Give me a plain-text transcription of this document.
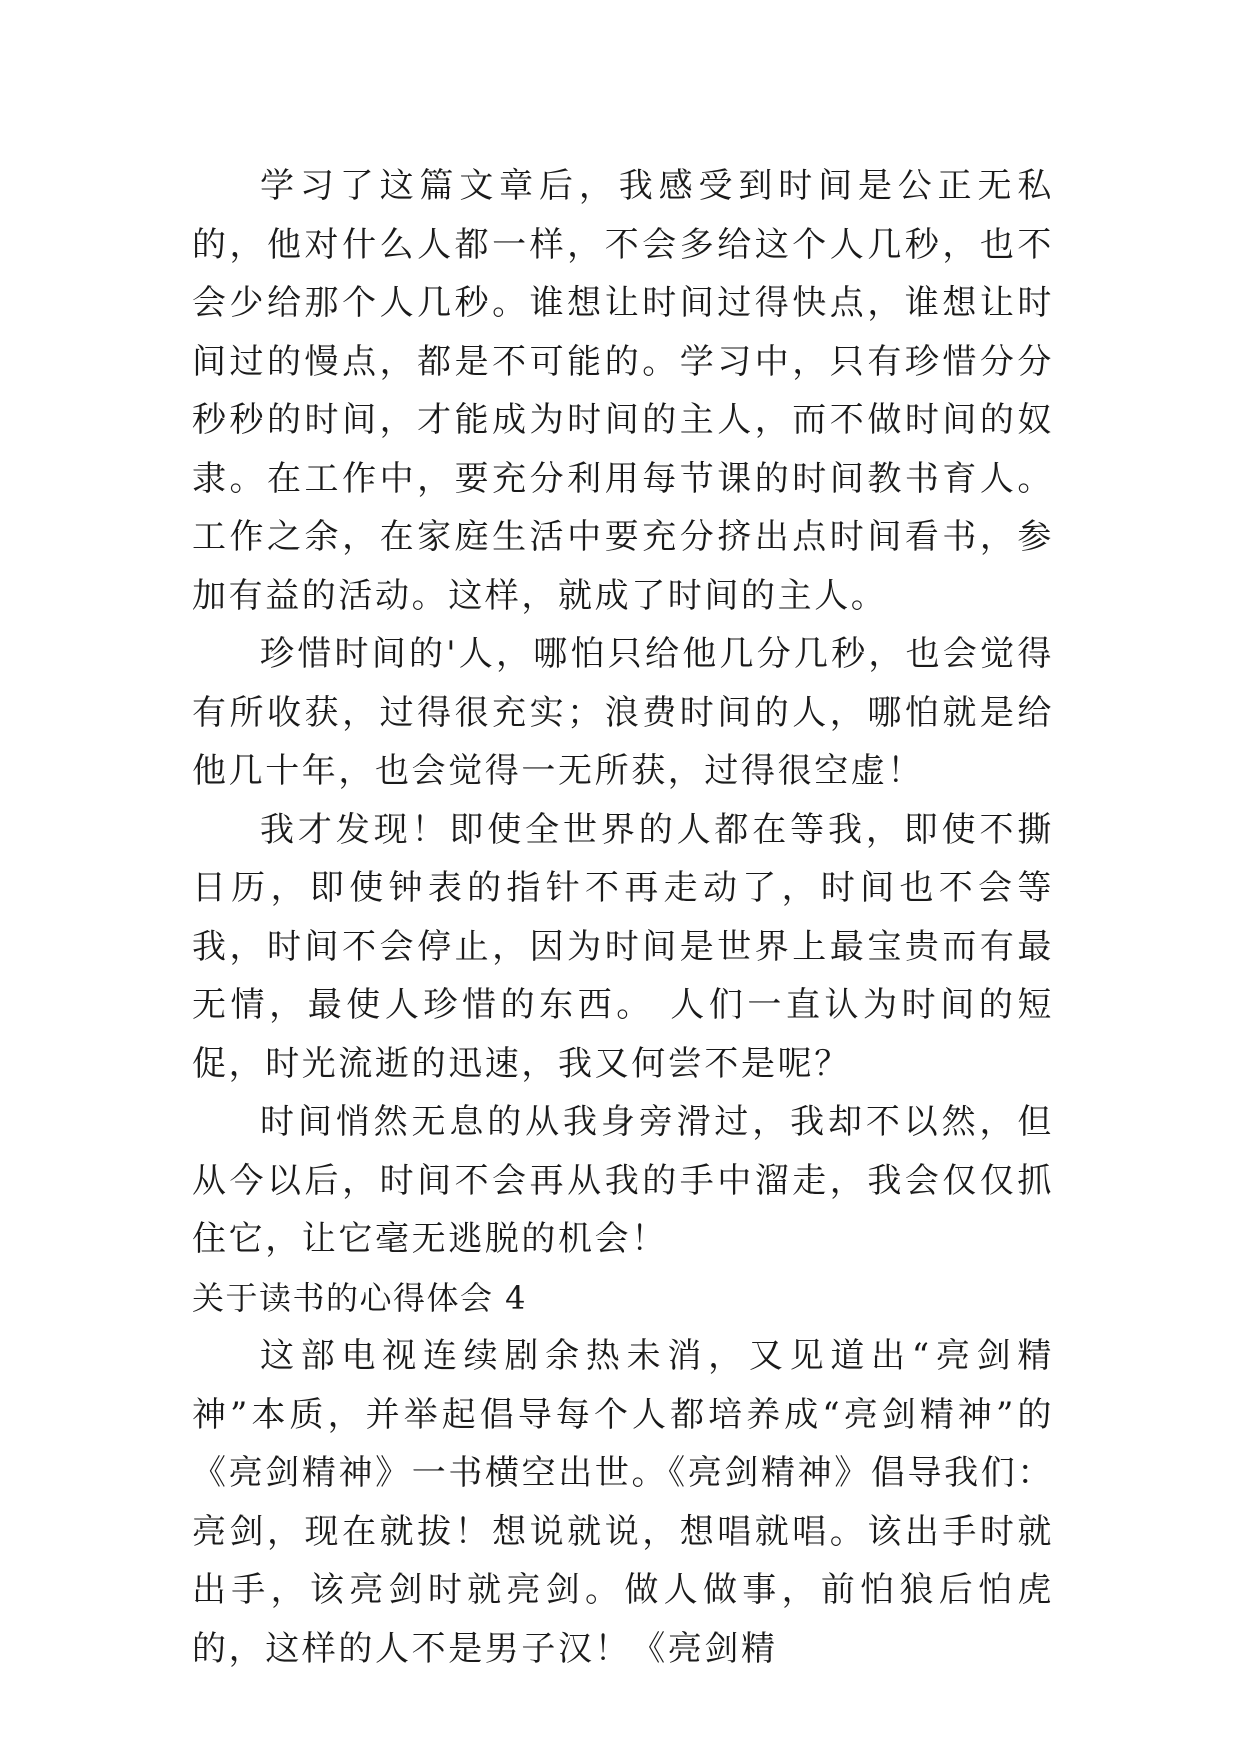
学习了这篇文章后，我感受到时间是公正无私的，他对什么人都一样，不会多给这个人几秒，也不会少给那个人几秒。谁想让时间过得快点，谁想让时间过的慢点，都是不可能的。学习中，只有珍惜分分秒秒的时间，才能成为时间的主人，而不做时间的奴隶。在工作中，要充分利用每节课的时间教书育人。工作之余，在家庭生活中要充分挤出点时间看书，参加有益的活动。这样，就成了时间的主人。

珍惜时间的'人，哪怕只给他几分几秒，也会觉得有所收获，过得很充实；浪费时间的人，哪怕就是给他几十年，也会觉得一无所获，过得很空虚！

我才发现！即使全世界的人都在等我，即使不撕日历，即使钟表的指针不再走动了，时间也不会等我，时间不会停止，因为时间是世界上最宝贵而有最无情，最使人珍惜的东西。 人们一直认为时间的短促，时光流逝的迅速，我又何尝不是呢？

时间悄然无息的从我身旁滑过，我却不以然，但从今以后，时间不会再从我的手中溜走，我会仅仅抓住它，让它毫无逃脱的机会！

关于读书的心得体会 4

这部电视连续剧余热未消，又见道出“亮剑精神”本质，并举起倡导每个人都培养成“亮剑精神”的《亮剑精神》一书横空出世。《亮剑精神》倡导我们：亮剑，现在就拔！想说就说，想唱就唱。该出手时就出手，该亮剑时就亮剑。做人做事，前怕狼后怕虎的，这样的人不是男子汉！《亮剑精
